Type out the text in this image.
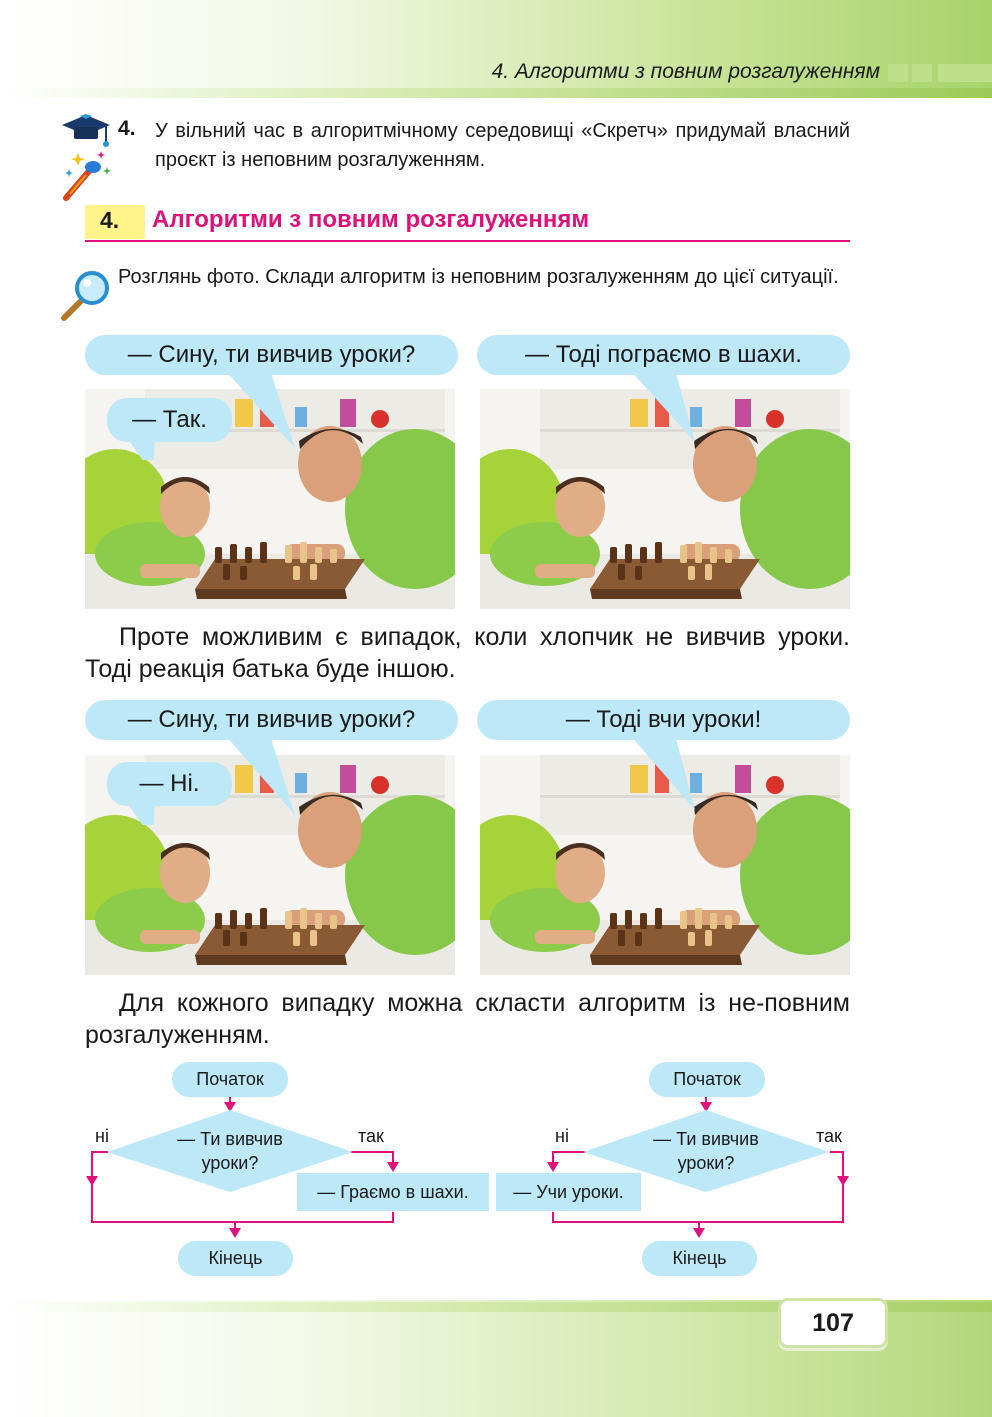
4. Алгоритми з повним розгалуженням
4. У вільний час в алгоритмічному середовищі «Скретч» придумай власний проєкт із неповним розгалуженням.
4. Алгоритми з повним розгалуженням
Розглянь фото. Склади алгоритм із неповним розгалуженням до цієї ситуації.
— Сину, ти вивчив уроки?	— Тоді пограємо в шахи.
— Так.
Проте можливим є випадок, коли хлопчик не вивчив уроки. Тоді реакція батька буде іншою.
— Сину, ти вивчив уроки?	— Тоді вчи уроки!
— Ні.
Для кожного випадку можна скласти алгоритм із не-повним розгалуженням.
Початок
— Ти вивчив
уроки?
ні	так
— Граємо в шахи.
Кінець
Початок
— Ти вивчив
уроки?
ні	так
— Учи уроки.
Кінець
107
